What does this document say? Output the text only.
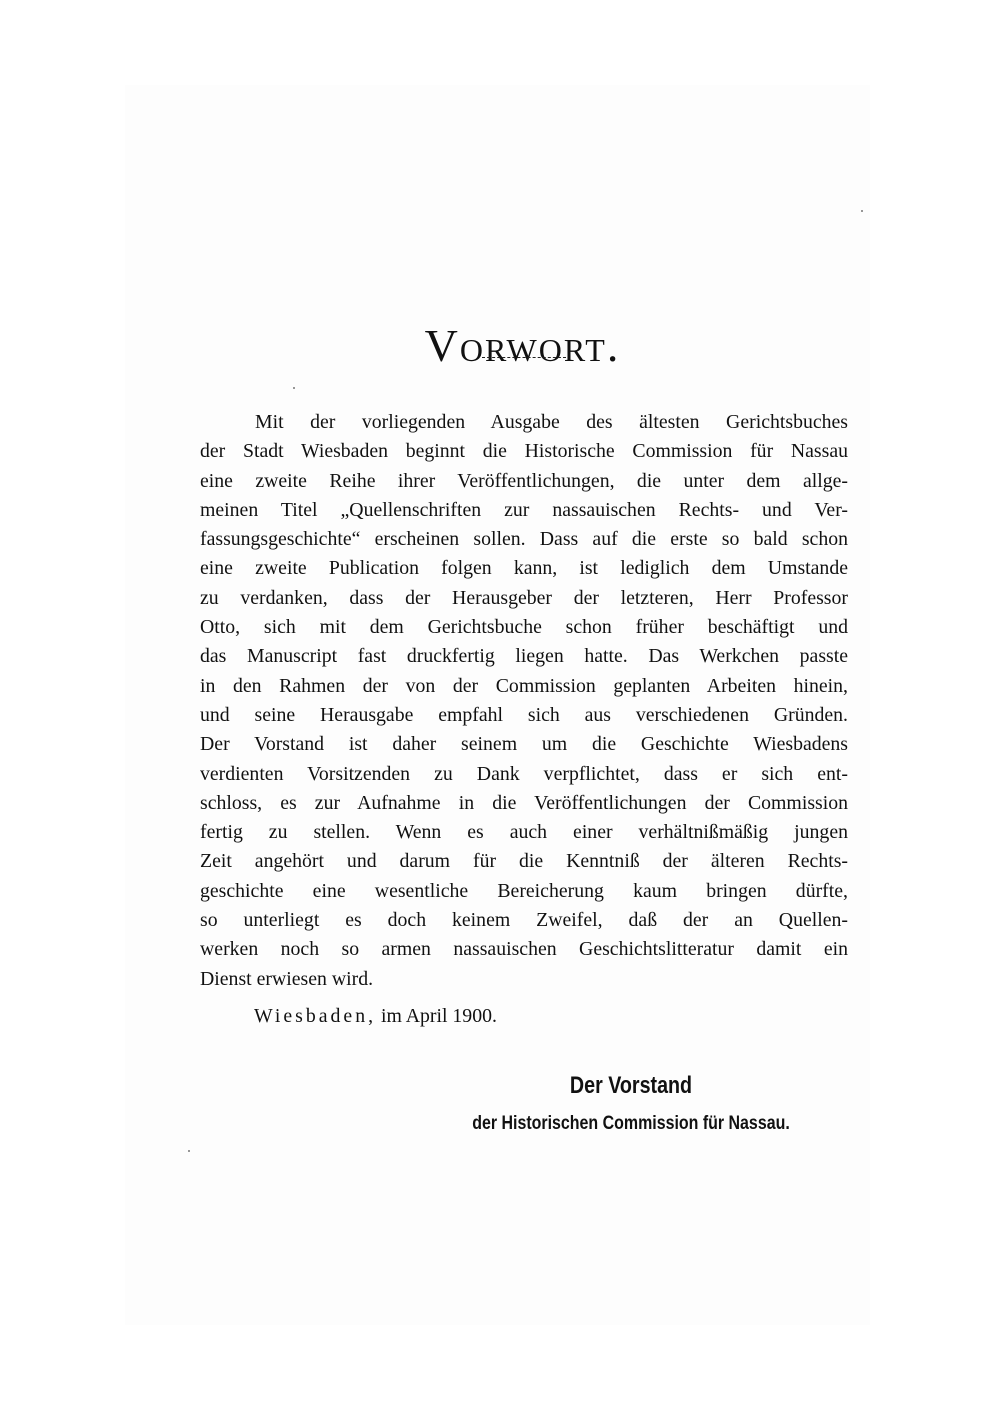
Vorwort.
Mit der vorliegenden Ausgabe des ältesten Gerichtsbuches
der Stadt Wiesbaden beginnt die Historische Commission für Nassau
eine zweite Reihe ihrer Veröffentlichungen, die unter dem allge-
meinen Titel „Quellenschriften zur nassauischen Rechts- und Ver-
fassungsgeschichte“ erscheinen sollen. Dass auf die erste so bald schon
eine zweite Publication folgen kann, ist lediglich dem Umstande
zu verdanken, dass der Herausgeber der letzteren, Herr Professor
Otto, sich mit dem Gerichtsbuche schon früher beschäftigt und
das Manuscript fast druckfertig liegen hatte. Das Werkchen passte
in den Rahmen der von der Commission geplanten Arbeiten hinein,
und seine Herausgabe empfahl sich aus verschiedenen Gründen.
Der Vorstand ist daher seinem um die Geschichte Wiesbadens
verdienten Vorsitzenden zu Dank verpflichtet, dass er sich ent-
schloss, es zur Aufnahme in die Veröffentlichungen der Commission
fertig zu stellen. Wenn es auch einer verhältnißmäßig jungen
Zeit angehört und darum für die Kenntniß der älteren Rechts-
geschichte eine wesentliche Bereicherung kaum bringen dürfte,
so unterliegt es doch keinem Zweifel, daß der an Quellen-
werken noch so armen nassauischen Geschichtslitteratur damit ein
Dienst erwiesen wird.
Wiesbaden, im April 1900.
Der Vorstand
der Historischen Commission für Nassau.
